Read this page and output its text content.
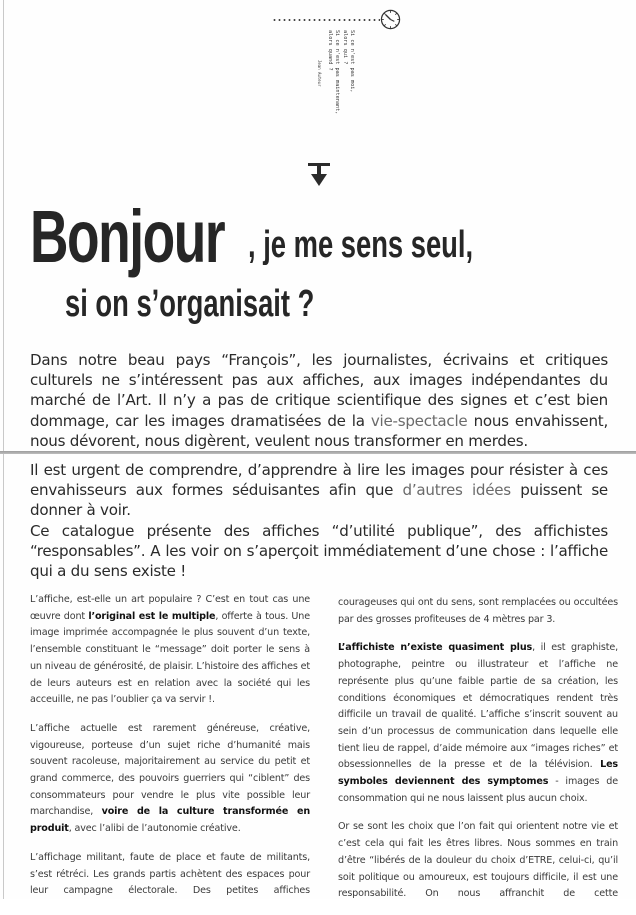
Si ce n'est pas moi,
alors qui ?
Si ce n'est pas maintenant,
alors quand ?
Jean Auteur
Bonjour , je me sens seul,
si on s’organisait ?
Dans notre beau pays “François”, les journalistes, écrivains et critiques culturels ne s’intéressent pas aux affiches, aux images indépendantes du marché de l’Art. Il n’y a pas de critique scientifique des signes et c’est bien dommage, car les images dramatisées de la vie-spectacle nous envahissent, nous dévorent, nous digèrent, veulent nous transformer en merdes.

Il est urgent de comprendre, d’apprendre à lire les images pour résister à ces envahisseurs aux formes séduisantes afin que d’autres idées puissent se donner à voir.

Ce catalogue présente des affiches “d’utilité publique”, des affichistes “responsables”. A les voir on s’aperçoit immédiatement d’une chose : l’affiche qui a du sens existe !

L’affiche, est-elle un art populaire ? C’est en tout cas une œuvre dont l’original est le multiple, offerte à tous. Une image imprimée accompagnée le plus souvent d’un texte, l’ensemble constituant le “message” doit porter le sens à un niveau de générosité, de plaisir. L’histoire des affiches et de leurs auteurs est en relation avec la société qui les acceuille, ne pas l’oublier ça va servir !.

L’affiche actuelle est rarement généreuse, créative, vigoureuse, porteuse d’un sujet riche d’humanité mais souvent racoleuse, majoritairement au service du petit et grand commerce, des pouvoirs guerriers qui “ciblent” des consommateurs pour vendre le plus vite possible leur marchandise, voire de la culture transformée en produit, avec l’alibi de l’autonomie créative.

L’affichage militant, faute de place et faute de militants, s’est rétréci. Les grands partis achètent des espaces pour leur campagne électorale. Des petites affiches

courageuses qui ont du sens, sont remplacées ou occultées par des grosses profiteuses de 4 mètres par 3.

L’affichiste n’existe quasiment plus, il est graphiste, photographe, peintre ou illustrateur et l’affiche ne représente plus qu’une faible partie de sa création, les conditions économiques et démocratiques rendent très difficile un travail de qualité. L’affiche s’inscrit souvent au sein d’un processus de communication dans lequelle elle tient lieu de rappel, d’aide mémoire aux “images riches” et obsessionnelles de la presse et de la télévision. Les symboles deviennent des symptomes - images de consommation qui ne nous laissent plus aucun choix.

Or se sont les choix que l’on fait qui orientent notre vie et c’est cela qui fait les êtres libres. Nous sommes en train d’être “libérés de la douleur du choix d’ETRE, celui-ci, qu’il soit politique ou amoureux, est toujours difficile, il est une responsabilité. On nous affranchit de cette
